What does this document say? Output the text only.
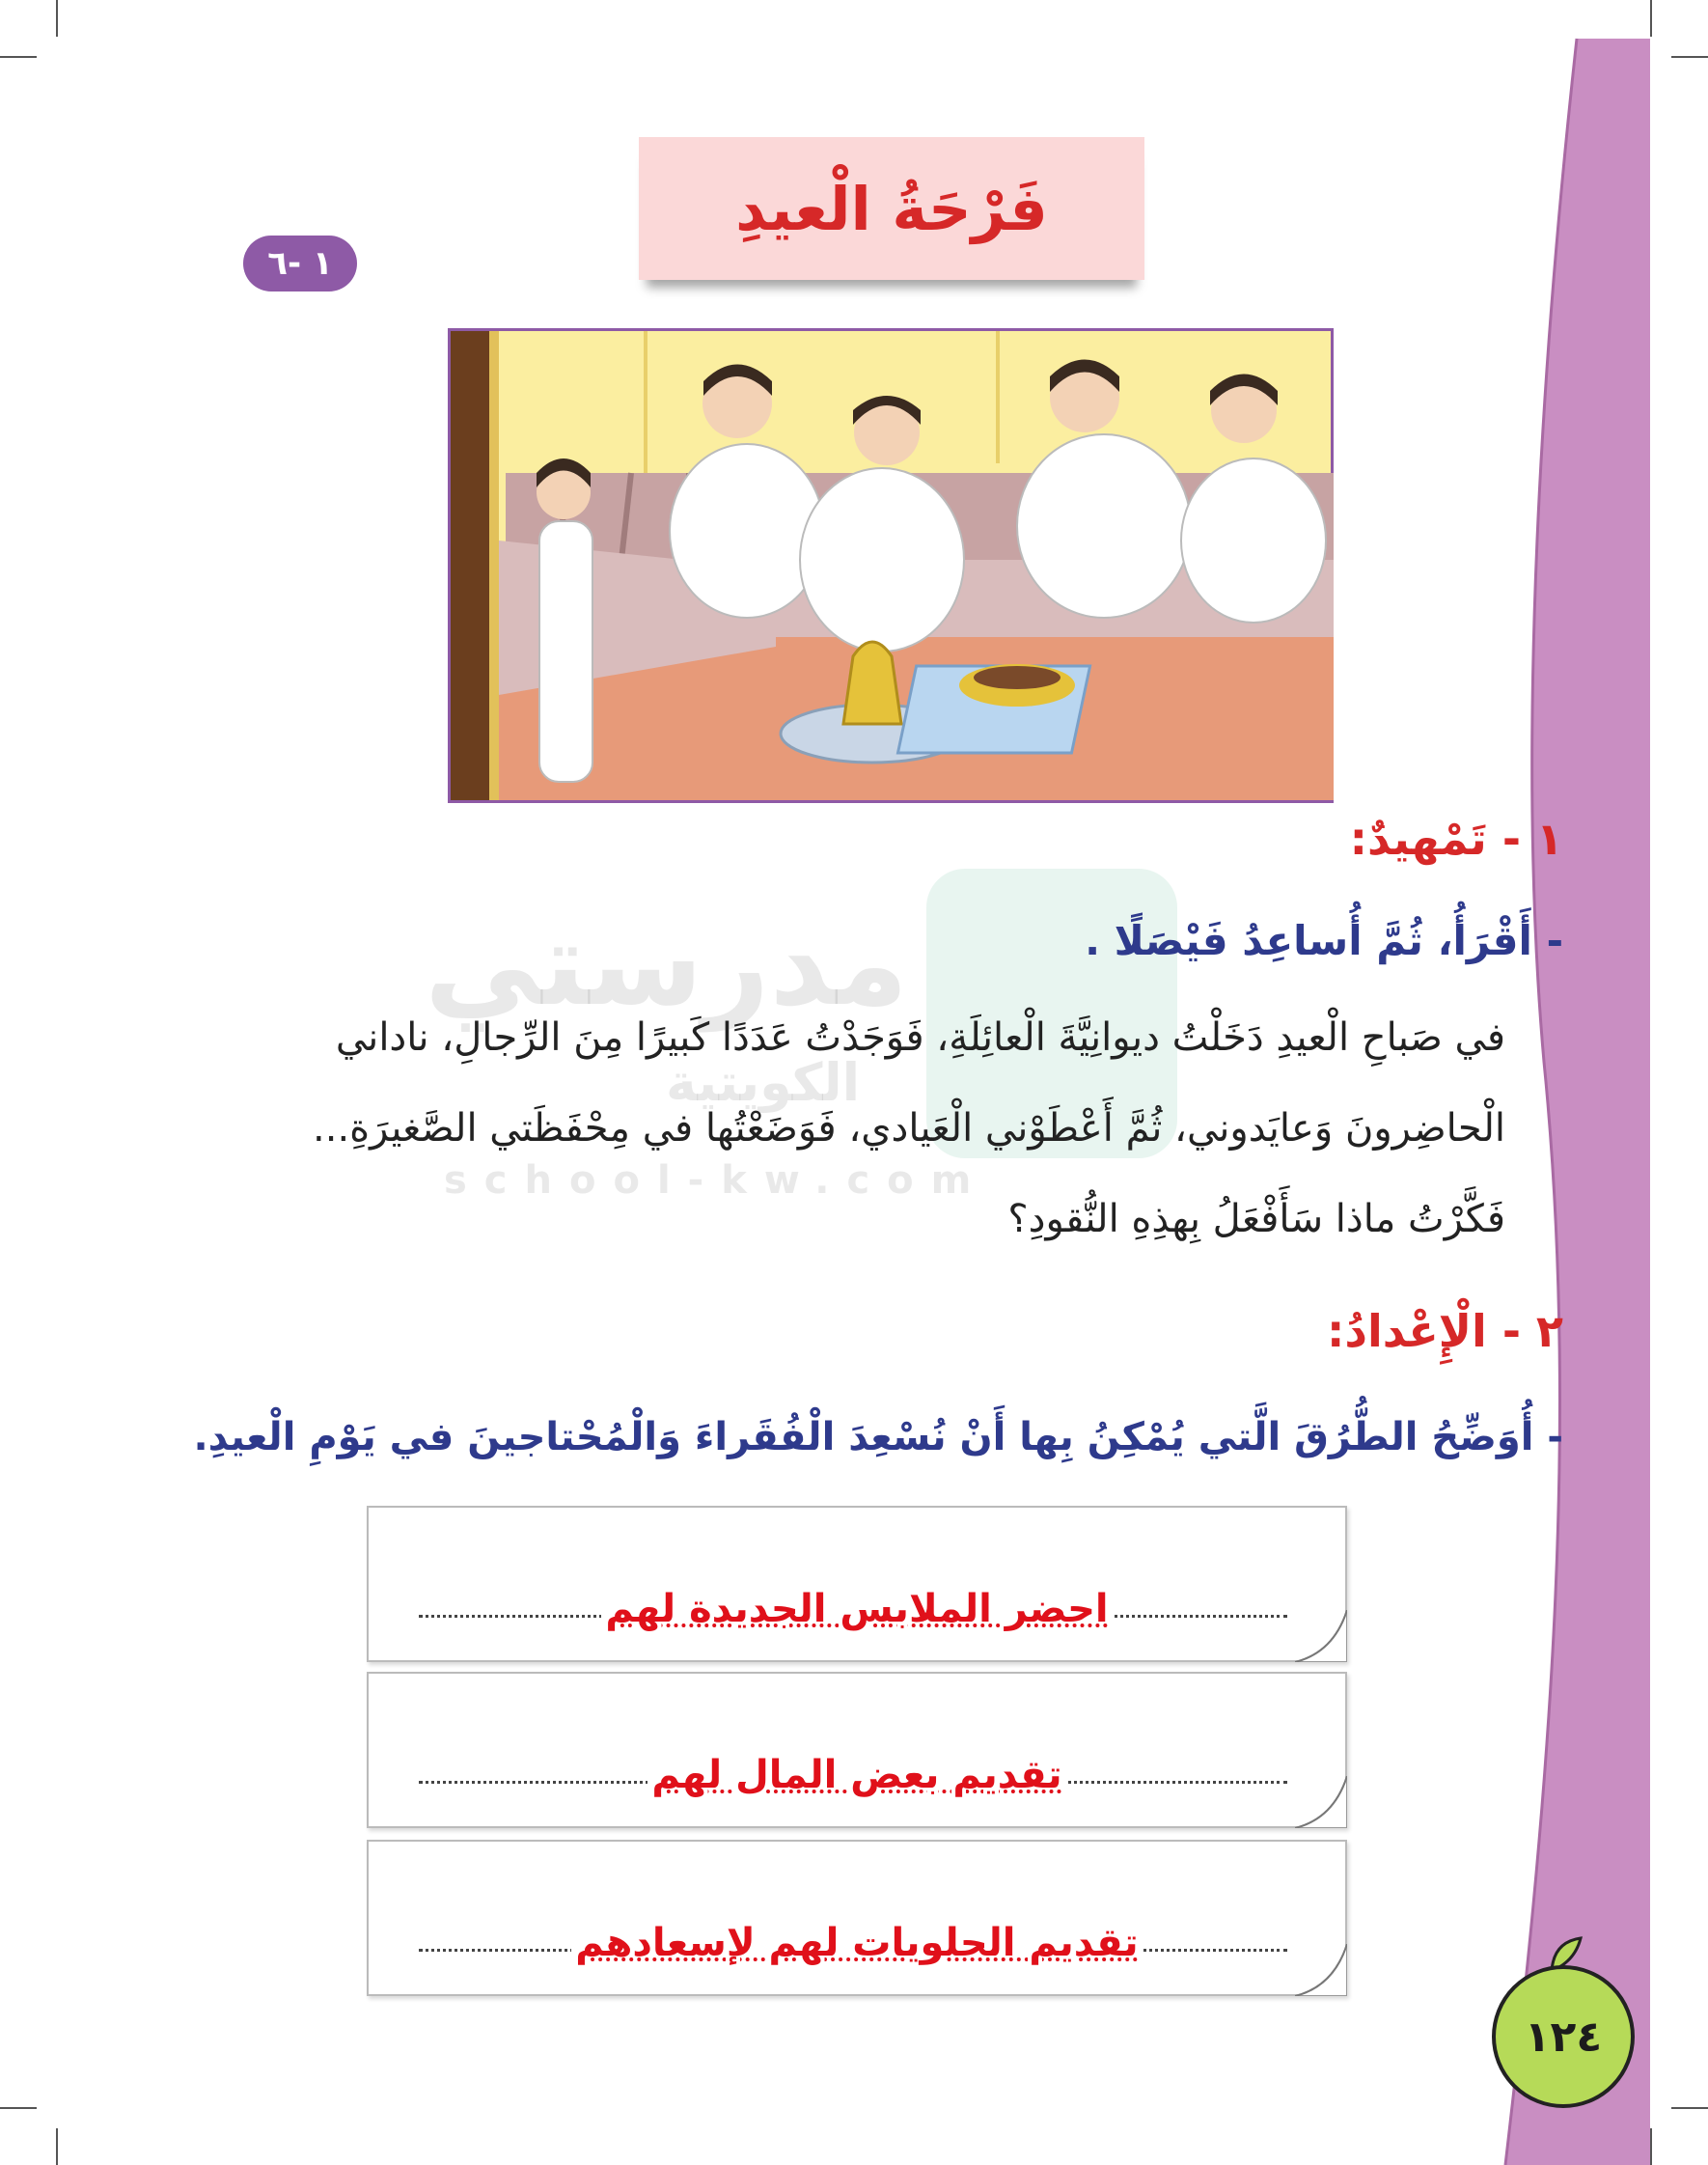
مدرستي
الكويتية
school-kw.com
فَرْحَةُ الْعيدِ
١ -٦
١ - تَمْهيدٌ:
- أَقْرَأُ، ثُمَّ أُساعِدُ فَيْصَلًا .
في صَباحِ الْعيدِ دَخَلْتُ ديوانِيَّةَ الْعائِلَةِ، فَوَجَدْتُ عَدَدًا كَبيرًا مِنَ الرِّجالِ، ناداني
الْحاضِرونَ وَعايَدوني، ثُمَّ أَعْطَوْني الْعَيادي، فَوَضَعْتُها في مِحْفَظَتي الصَّغيرَةِ...
فَكَّرْتُ ماذا سَأَفْعَلُ بِهذِهِ النُّقودِ؟
٢ - الْإِعْدادُ:
- أُوَضِّحُ الطُّرُقَ الَّتي يُمْكِنُ بِها أَنْ نُسْعِدَ الْفُقَراءَ وَالْمُحْتاجينَ في يَوْمِ الْعيدِ.
احضر الملابس الجديدة لهم
تقديم بعض المال لهم
تقديم الحلويات لهم لإسعادهم
١٢٤
